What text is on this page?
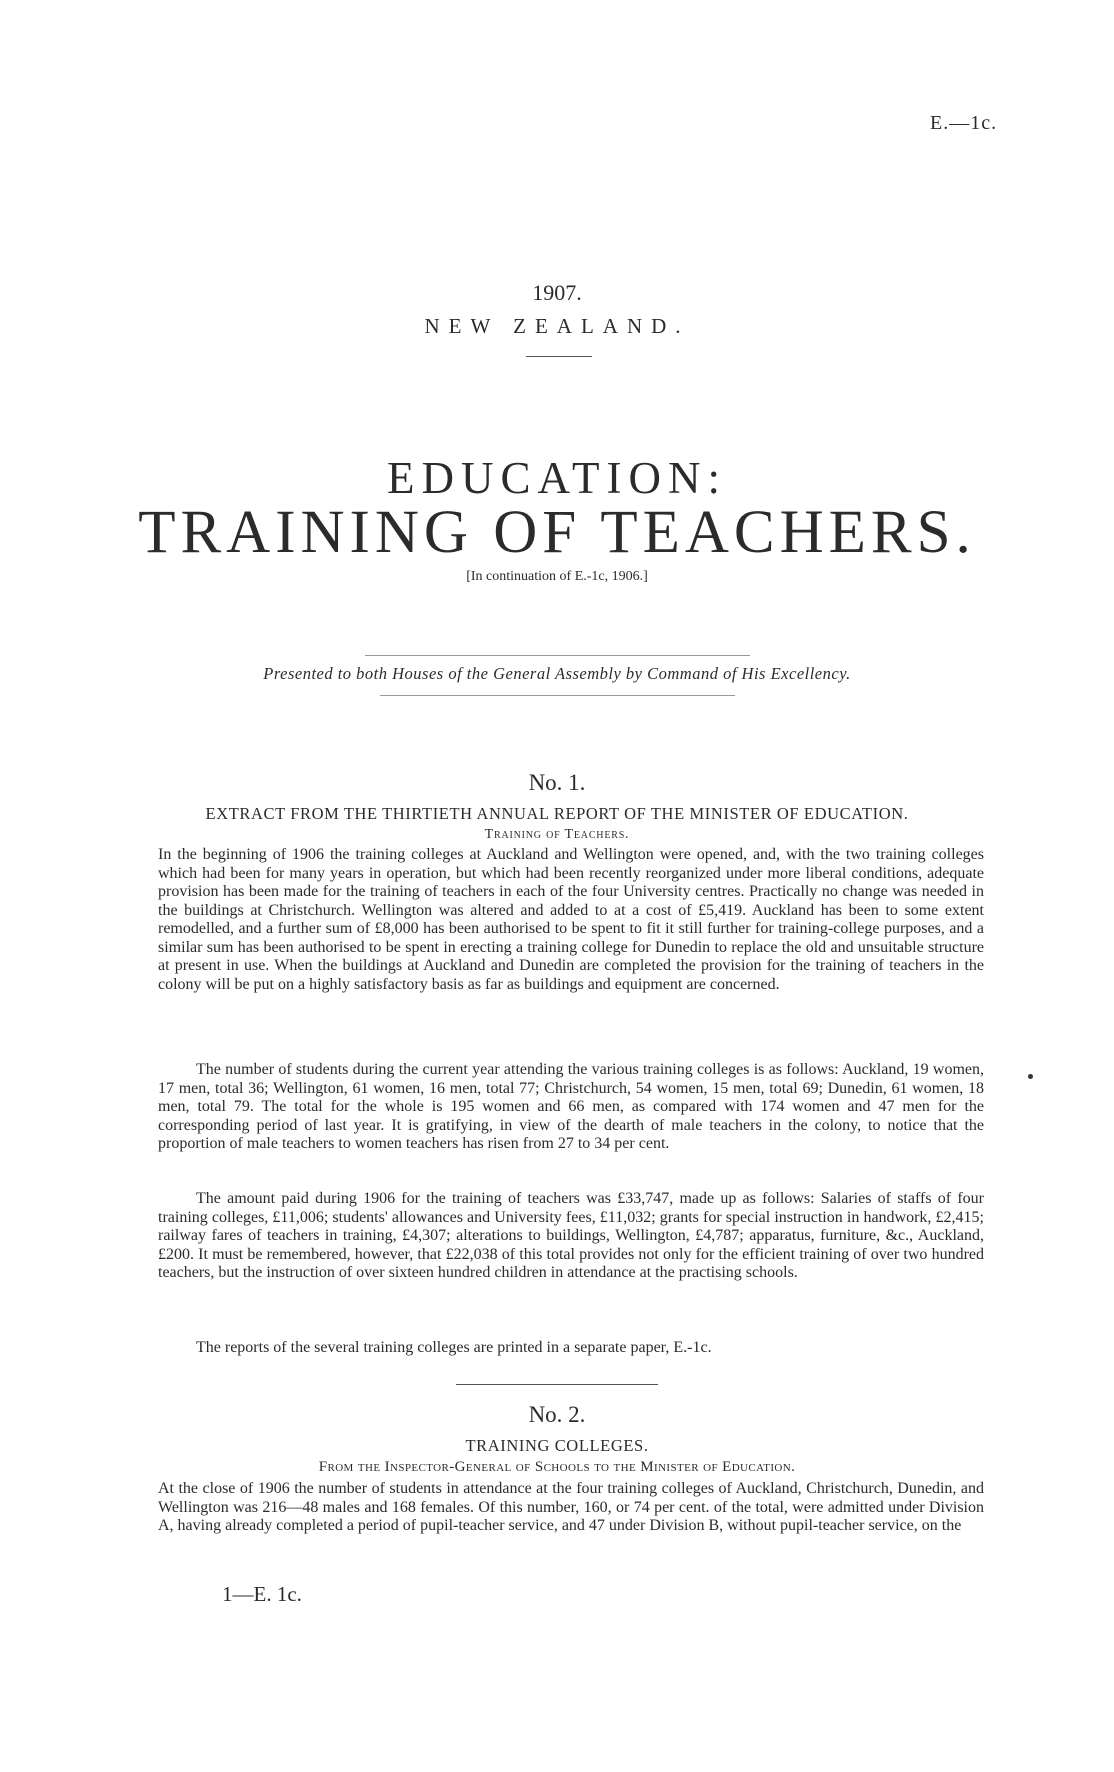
E.—1c.
1907.
NEW ZEALAND.
EDUCATION:
TRAINING OF TEACHERS.
[In continuation of E.-1c, 1906.]
Presented to both Houses of the General Assembly by Command of His Excellency.
No. 1.
EXTRACT FROM THE THIRTIETH ANNUAL REPORT OF THE MINISTER OF EDUCATION.
Training of Teachers.
In the beginning of 1906 the training colleges at Auckland and Wellington were opened, and, with the two training colleges which had been for many years in operation, but which had been recently reorganized under more liberal conditions, adequate provision has been made for the training of teachers in each of the four University centres. Practically no change was needed in the buildings at Christchurch. Wellington was altered and added to at a cost of £5,419. Auckland has been to some extent remodelled, and a further sum of £8,000 has been authorised to be spent to fit it still further for training-college purposes, and a similar sum has been authorised to be spent in erecting a training college for Dunedin to replace the old and unsuitable structure at present in use. When the buildings at Auckland and Dunedin are completed the provision for the training of teachers in the colony will be put on a highly satisfactory basis as far as buildings and equipment are concerned.
The number of students during the current year attending the various training colleges is as follows: Auckland, 19 women, 17 men, total 36; Wellington, 61 women, 16 men, total 77; Christchurch, 54 women, 15 men, total 69; Dunedin, 61 women, 18 men, total 79. The total for the whole is 195 women and 66 men, as compared with 174 women and 47 men for the corresponding period of last year. It is gratifying, in view of the dearth of male teachers in the colony, to notice that the proportion of male teachers to women teachers has risen from 27 to 34 per cent.
The amount paid during 1906 for the training of teachers was £33,747, made up as follows: Salaries of staffs of four training colleges, £11,006; students' allowances and University fees, £11,032; grants for special instruction in handwork, £2,415; railway fares of teachers in training, £4,307; alterations to buildings, Wellington, £4,787; apparatus, furniture, &c., Auckland, £200. It must be remembered, however, that £22,038 of this total provides not only for the efficient training of over two hundred teachers, but the instruction of over sixteen hundred children in attendance at the practising schools.
The reports of the several training colleges are printed in a separate paper, E.-1c.
No. 2.
TRAINING COLLEGES.
From the Inspector-General of Schools to the Minister of Education.
At the close of 1906 the number of students in attendance at the four training colleges of Auckland, Christchurch, Dunedin, and Wellington was 216—48 males and 168 females. Of this number, 160, or 74 per cent. of the total, were admitted under Division A, having already completed a period of pupil-teacher service, and 47 under Division B, without pupil-teacher service, on the
1—E. 1c.
